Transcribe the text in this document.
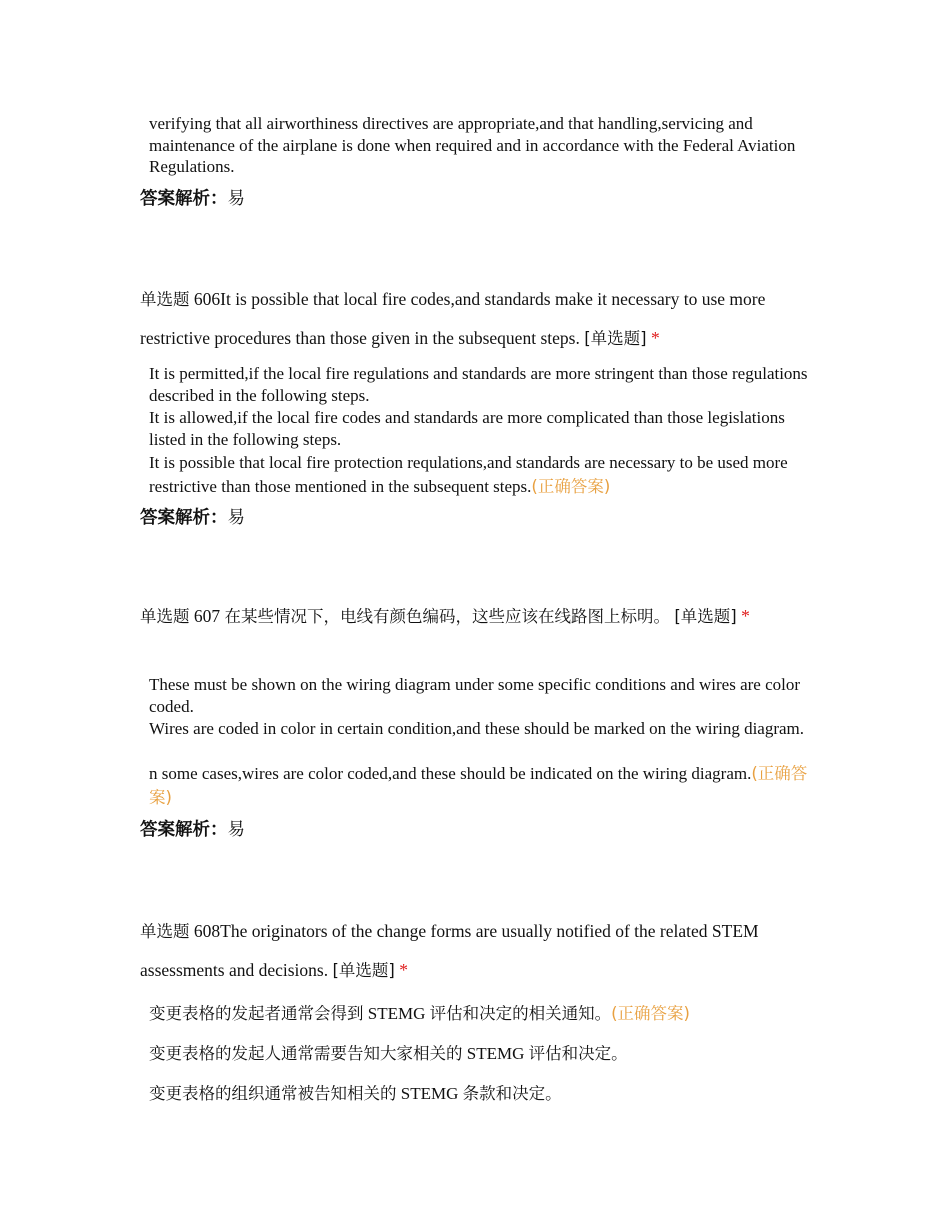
verifying that all airworthiness directives are appropriate,and that handling,servicing and maintenance of the airplane is done when required and in accordance with the Federal Aviation Regulations.
答案解析：易
单选题 606It is possible that local fire codes,and standards make it necessary to use more restrictive procedures than those given in the subsequent steps. [单选题] *
It is permitted,if the local fire regulations and standards are more stringent than those regulations described in the following steps.
It is allowed,if the local fire codes and standards are more complicated than those legislations listed in the following steps.
It is possible that local fire protection requlations,and standards are necessary to be used more restrictive than those mentioned in the subsequent steps.(正确答案)
答案解析：易
单选题 607 在某些情况下，电线有颜色编码，这些应该在线路图上标明。 [单选题] *
These must be shown on the wiring diagram under some specific conditions and wires are color coded.
Wires are coded in color in certain condition,and these should be marked on the wiring diagram.
n some cases,wires are color coded,and these should be indicated on the wiring diagram.(正确答案)
答案解析：易
单选题 608The originators of the change forms are usually notified of the related STEM assessments and decisions. [单选题] *
变更表格的发起者通常会得到 STEMG 评估和决定的相关通知。(正确答案)
变更表格的发起人通常需要告知大家相关的 STEMG 评估和决定。
变更表格的组织通常被告知相关的 STEMG 条款和决定。
